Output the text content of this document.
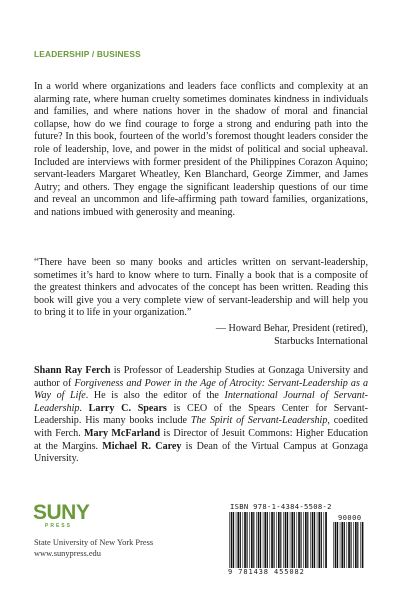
LEADERSHIP / BUSINESS
In a world where organizations and leaders face conflicts and complexity at an alarming rate, where human cruelty sometimes dominates kindness in individuals and families, and where nations hover in the shadow of moral and financial collapse, how do we find courage to forge a strong and enduring path into the future? In this book, fourteen of the world’s foremost thought leaders consider the role of leadership, love, and power in the midst of political and social upheaval. Included are interviews with former president of the Philippines Corazon Aquino; servant-leaders Margaret Wheatley, Ken Blanchard, George Zimmer, and James Autry; and others. They engage the significant leadership questions of our time and reveal an uncommon and life-affirming path toward families, organizations, and nations imbued with generosity and meaning.
“There have been so many books and articles written on servant-leadership, sometimes it’s hard to know where to turn. Finally a book that is a composite of the greatest thinkers and advocates of the concept has been written. Reading this book will give you a very complete view of servant-leadership and will help you to bring it to life in your organization.”
— Howard Behar, President (retired),
Starbucks International
Shann Ray Ferch is Professor of Leadership Studies at Gonzaga University and author of Forgiveness and Power in the Age of Atrocity: Servant-Leadership as a Way of Life. He is also the editor of the International Journal of Servant-Leadership. Larry C. Spears is CEO of the Spears Center for Servant-Leadership. His many books include The Spirit of Servant-Leadership, coedited with Ferch. Mary McFarland is Director of Jesuit Commons: Higher Education at the Margins. Michael R. Carey is Dean of the Virtual Campus at Gonzaga University.
SUNY
PRESS
State University of New York Press
www.sunypress.edu
ISBN 978-1-4384-5508-2
90000
9 781438 455082
